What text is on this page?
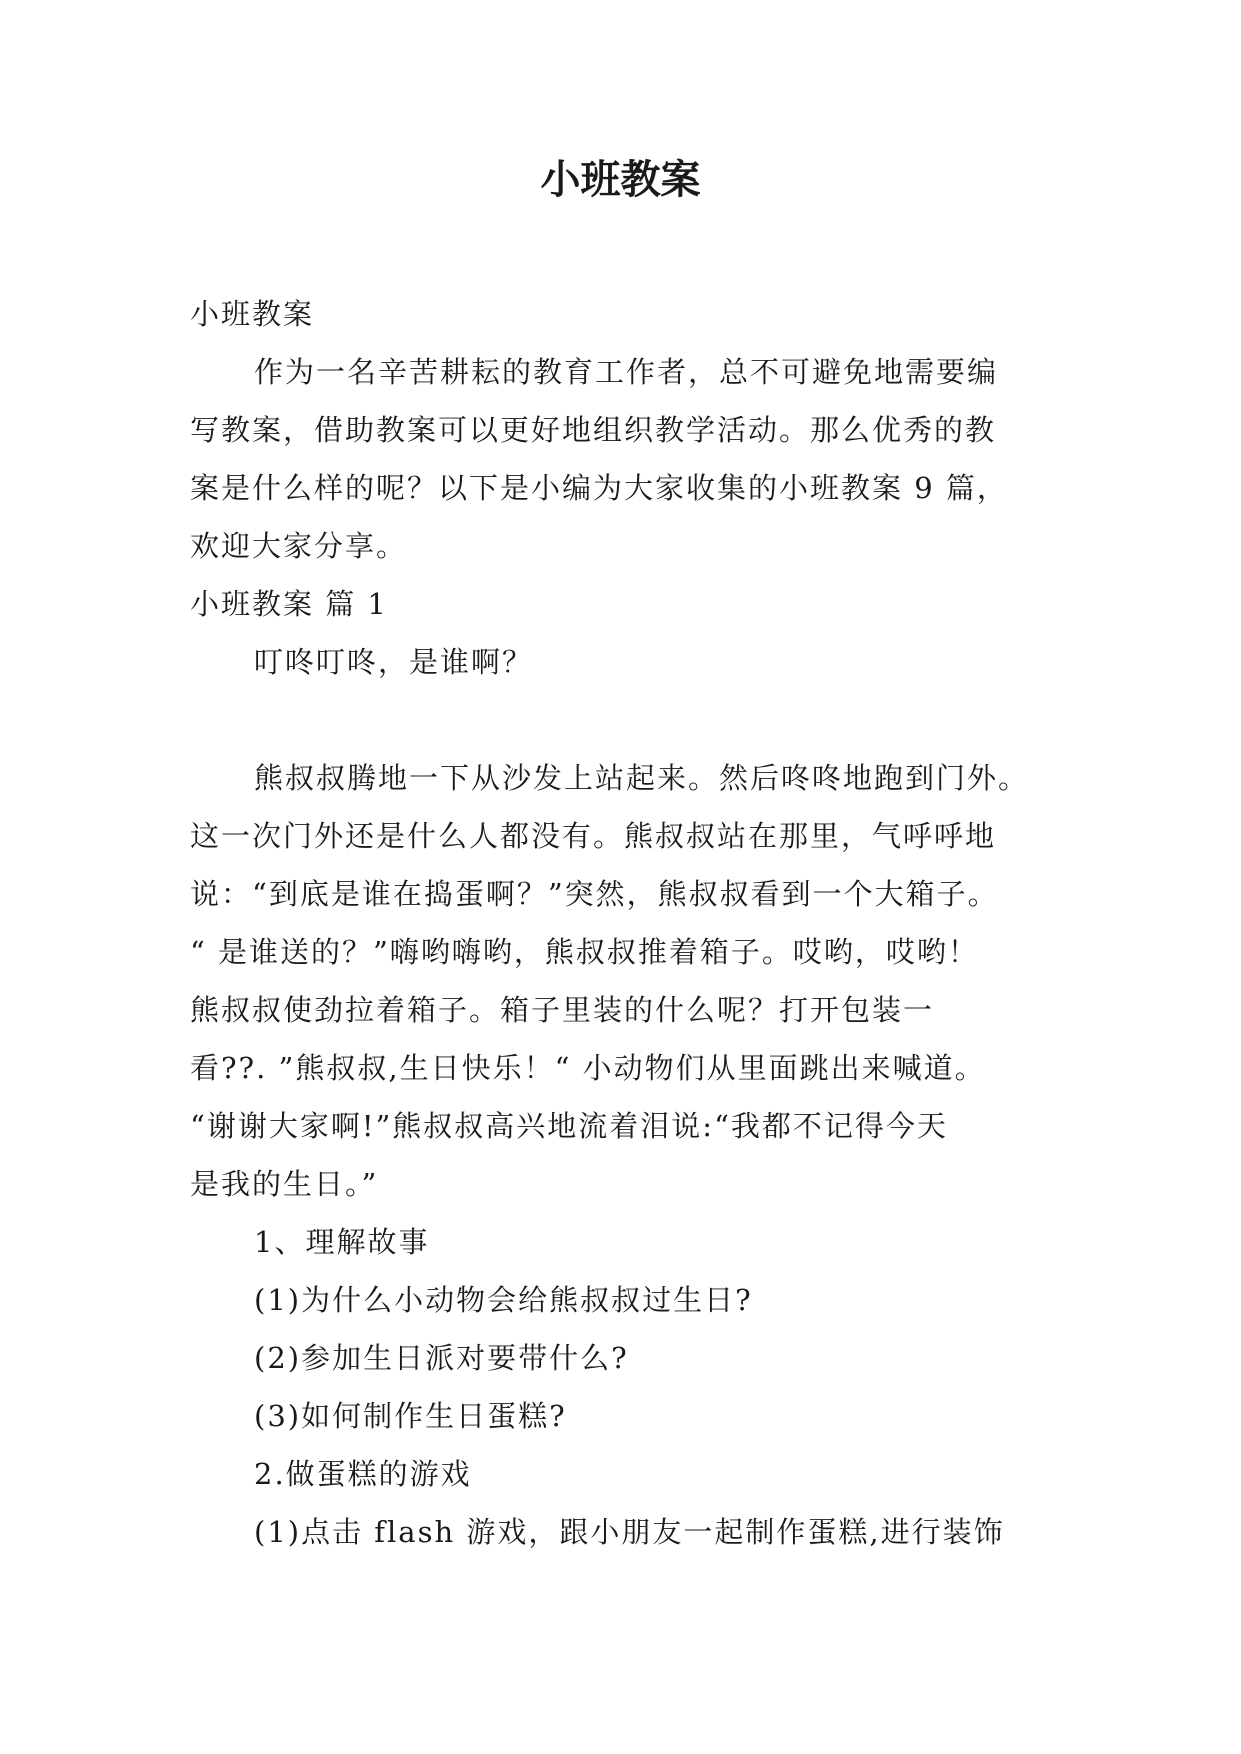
小班教案
小班教案
作为一名辛苦耕耘的教育工作者，总不可避免地需要编
写教案，借助教案可以更好地组织教学活动。那么优秀的教
案是什么样的呢？以下是小编为大家收集的小班教案 9 篇，
欢迎大家分享。
小班教案 篇 1
叮咚叮咚，是谁啊？
熊叔叔腾地一下从沙发上站起来。然后咚咚地跑到门外。
这一次门外还是什么人都没有。熊叔叔站在那里，气呼呼地
说：“到底是谁在捣蛋啊？”突然，熊叔叔看到一个大箱子。
“ 是谁送的？”嗨哟嗨哟，熊叔叔推着箱子。哎哟，哎哟！
熊叔叔使劲拉着箱子。箱子里装的什么呢？打开包装一
看??. ”熊叔叔,生日快乐！“ 小动物们从里面跳出来喊道。
“谢谢大家啊!”熊叔叔高兴地流着泪说:“我都不记得今天
是我的生日。”
1、理解故事
(1)为什么小动物会给熊叔叔过生日?
(2)参加生日派对要带什么?
(3)如何制作生日蛋糕?
2.做蛋糕的游戏
(1)点击 flash 游戏，跟小朋友一起制作蛋糕,进行装饰
